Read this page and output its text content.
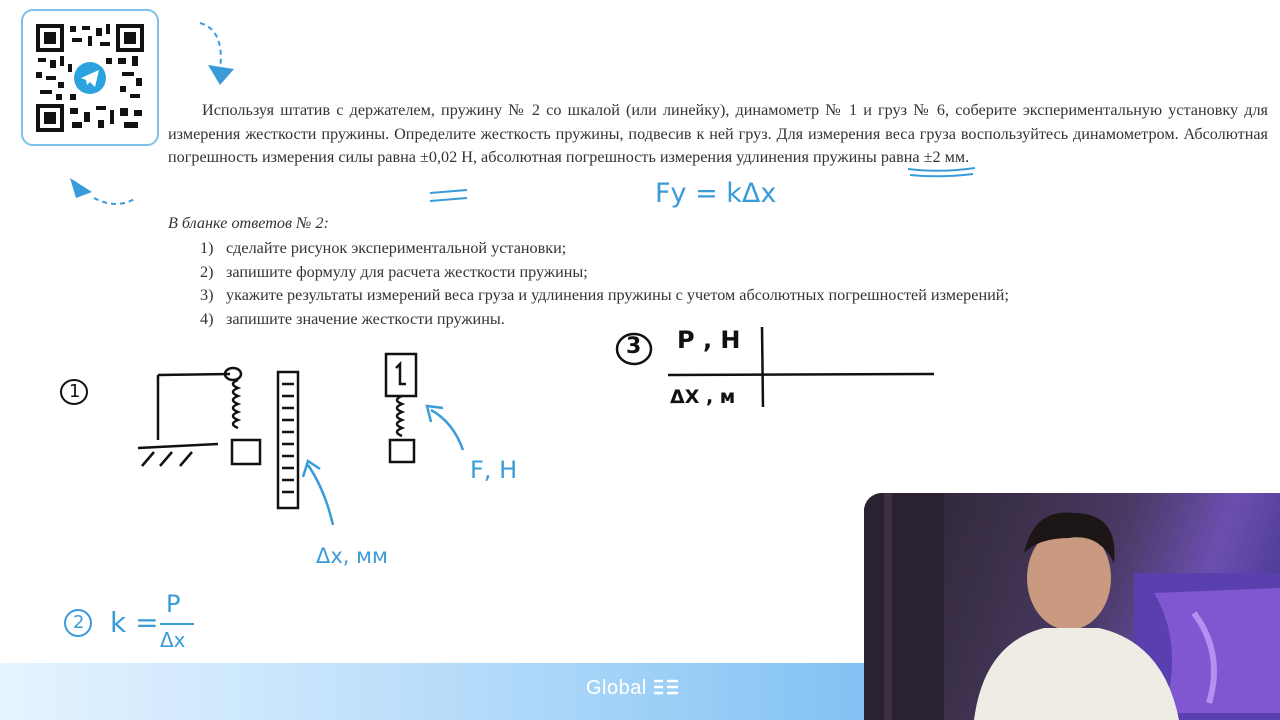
Используя штатив с держателем, пружину № 2 со шкалой (или линейку), динамометр № 1 и груз № 6, соберите экспериментальную установку для измерения жесткости пружины. Определите жесткость пружины, подвесив к ней груз. Для измерения веса груза воспользуйтесь динамометром. Абсолютная погрешность измерения силы равна ±0,02 Н, абсолютная погрешность измерения удлинения пружины равна ±2 мм.

Fу = kΔx
В бланке ответов № 2:
1) сделайте рисунок экспериментальной установки;
2) запишите формулу для расчета жесткости пружины;
3) укажите результаты измерений веса груза и удлинения пружины с учетом абсолютных погрешностей измерений;
4) запишите значение жесткости пружины.
1
Δx, мм
F, Н
2 k =
P
Δx
3 P , Н
ΔX , м
Global
